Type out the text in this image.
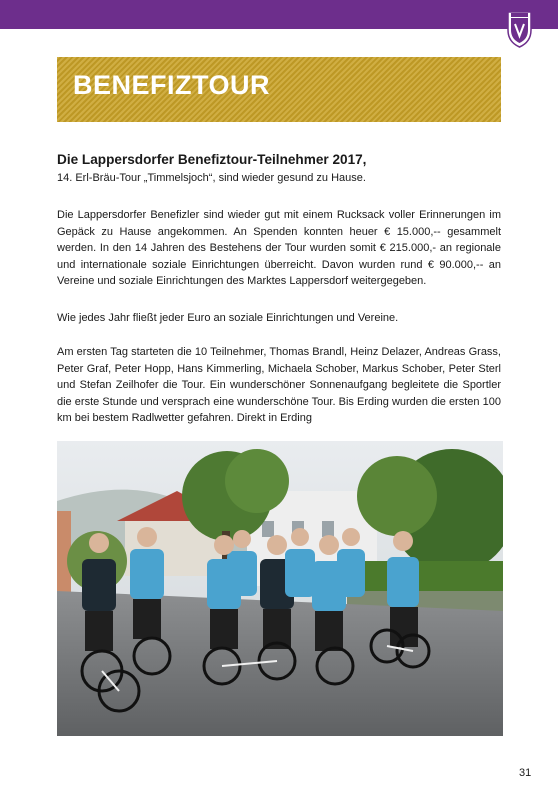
BENEFIZTOUR
Die Lappersdorfer Benefiztour-Teilnehmer 2017,

14. Erl-Bräu-Tour „Timmelsjoch“, sind wieder gesund zu Hause.

Die Lappersdorfer Benefizler sind wieder gut mit einem Rucksack voller Erinnerungen im Gepäck zu Hause angekommen. An Spenden konnten heuer € 15.000,-- gesammelt werden. In den 14 Jahren des Bestehens der Tour wurden somit € 215.000,- an regionale und internationale soziale Einrichtungen überreicht. Davon wurden rund € 90.000,-- an Vereine und soziale Einrichtungen des Marktes Lappersdorf weitergegeben.

Wie jedes Jahr fließt jeder Euro an soziale Einrichtungen und Vereine.

Am ersten Tag starteten die 10 Teilnehmer, Thomas Brandl, Heinz Delazer, Andreas Grass, Peter Graf, Peter Hopp, Hans Kimmerling, Michaela Schober, Markus Schober, Peter Sterl und Stefan Zeilhofer die Tour. Ein wunderschöner Sonnenaufgang begleitete die Sportler die erste Stunde und versprach eine wunderschöne Tour. Bis Erding wurden die ersten 100 km bei bestem Radlwetter gefahren. Direkt in Erding

31
